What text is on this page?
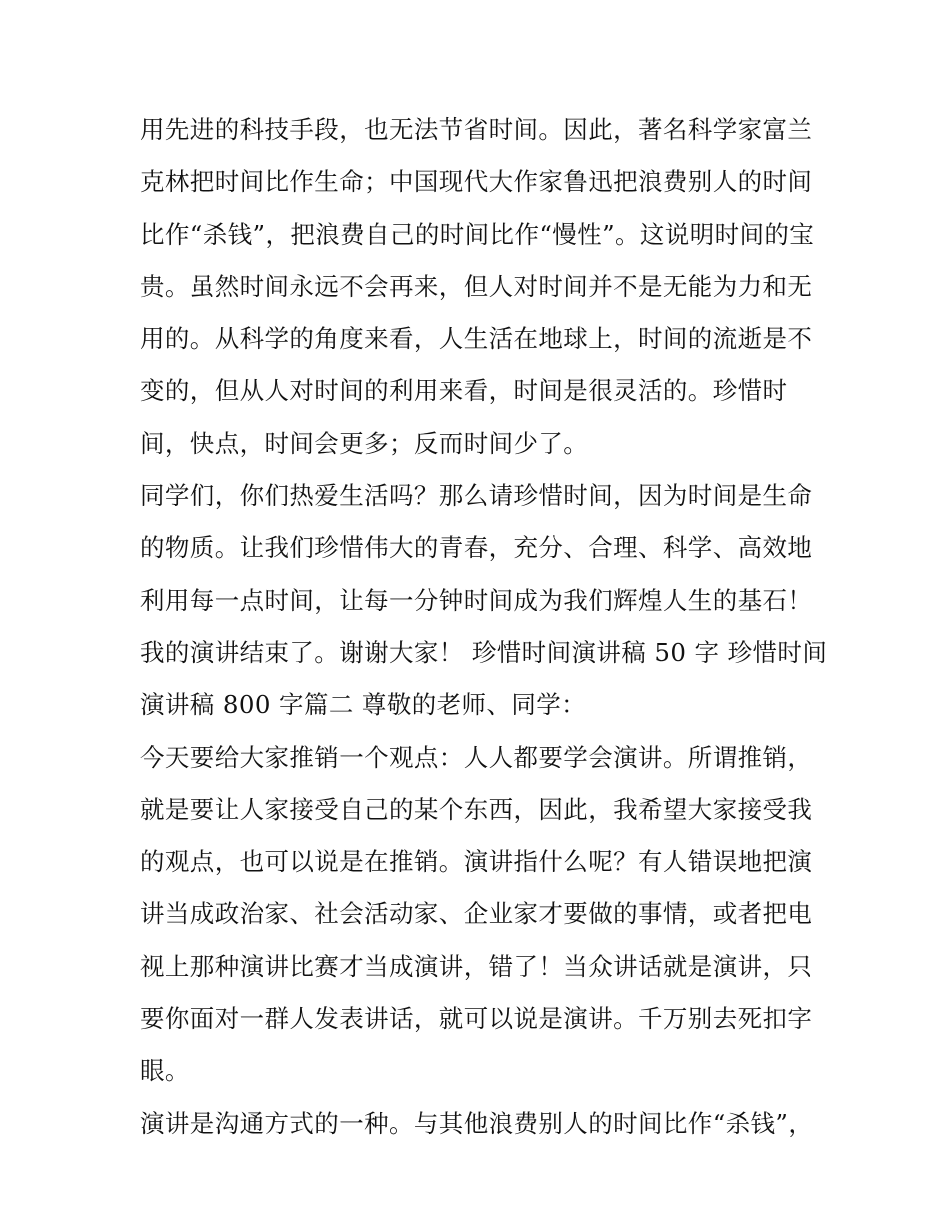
用先进的科技手段，也无法节省时间。因此，著名科学家富兰
克林把时间比作生命；中国现代大作家鲁迅把浪费别人的时间
比作“杀钱”，把浪费自己的时间比作“慢性”。这说明时间的宝
贵。虽然时间永远不会再来，但人对时间并不是无能为力和无
用的。从科学的角度来看，人生活在地球上，时间的流逝是不
变的，但从人对时间的利用来看，时间是很灵活的。珍惜时
间，快点，时间会更多；反而时间少了。
同学们，你们热爱生活吗？那么请珍惜时间，因为时间是生命
的物质。让我们珍惜伟大的青春，充分、合理、科学、高效地
利用每一点时间，让每一分钟时间成为我们辉煌人生的基石！
我的演讲结束了。谢谢大家！ 珍惜时间演讲稿 50 字 珍惜时间
演讲稿 800 字篇二 尊敬的老师、同学：
今天要给大家推销一个观点：人人都要学会演讲。所谓推销，
就是要让人家接受自己的某个东西，因此，我希望大家接受我
的观点，也可以说是在推销。演讲指什么呢？有人错误地把演
讲当成政治家、社会活动家、企业家才要做的事情，或者把电
视上那种演讲比赛才当成演讲，错了！当众讲话就是演讲，只
要你面对一群人发表讲话，就可以说是演讲。千万别去死扣字
眼。
演讲是沟通方式的一种。与其他浪费别人的时间比作“杀钱”，
